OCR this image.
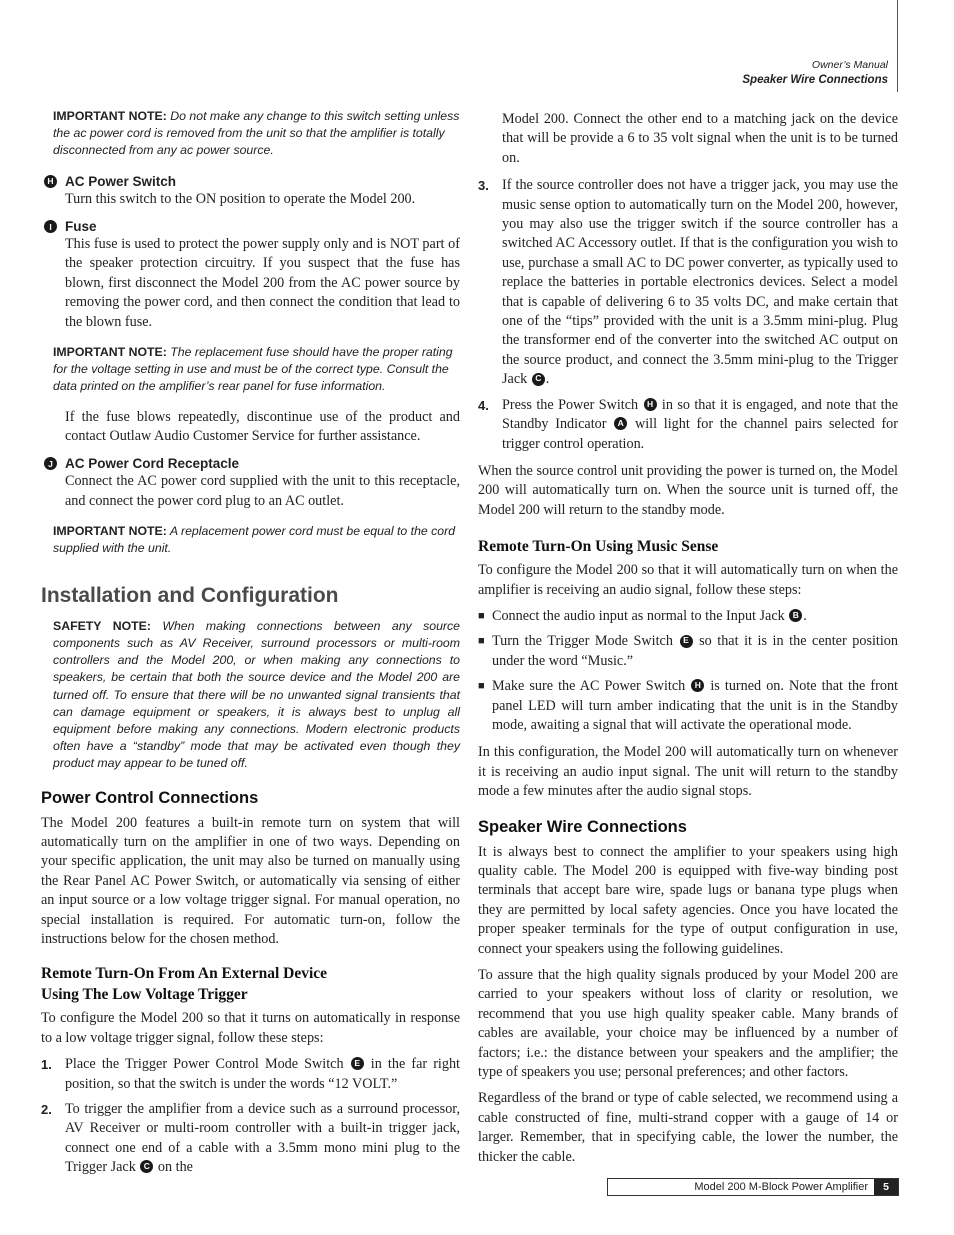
Owner’s Manual
Speaker Wire Connections
IMPORTANT NOTE: Do not make any change to this switch setting unless the ac power cord is removed from the unit so that the amplifier is totally disconnected from any ac power source.
H AC Power Switch

Turn this switch to the ON position to operate the Model 200.

I Fuse

This fuse is used to protect the power supply only and is NOT part of the speaker protection circuitry. If you suspect that the fuse has blown, first disconnect the Model 200 from the AC power source by removing the power cord, and then connect the condition that lead to the blown fuse.

IMPORTANT NOTE: The replacement fuse should have the proper rating for the voltage setting in use and must be of the correct type. Consult the data printed on the amplifier’s rear panel for fuse information.

If the fuse blows repeatedly, discontinue use of the product and contact Outlaw Audio Customer Service for further assistance.

J AC Power Cord Receptacle

Connect the AC power cord supplied with the unit to this receptacle, and connect the power cord plug to an AC outlet.

IMPORTANT NOTE: A replacement power cord must be equal to the cord supplied with the unit.
Installation and Configuration
SAFETY NOTE: When making connections between any source components such as AV Receiver, surround processors or multi-room controllers and the Model 200, or when making any connections to speakers, be certain that both the source device and the Model 200 are turned off. To ensure that there will be no unwanted signal transients that can damage equipment or speakers, it is always best to unplug all equipment before making any connections. Modern electronic products often have a “standby” mode that may be activated even though they product may appear to be tuned off.
Power Control Connections

The Model 200 features a built-in remote turn on system that will automatically turn on the amplifier in one of two ways. Depending on your specific application, the unit may also be turned on manually using the Rear Panel AC Power Switch, or automatically via sensing of either an input source or a low voltage trigger signal. For manual operation, no special installation is required. For automatic turn-on, follow the instructions below for the chosen method.

Remote Turn-On From An External Device
Using The Low Voltage Trigger

To configure the Model 200 so that it turns on automatically in response to a low voltage trigger signal, follow these steps:

1. Place the Trigger Power Control Mode Switch E in the far right position, so that the switch is under the words “12 VOLT.”

2. To trigger the amplifier from a device such as a surround processor, AV Receiver or multi-room controller with a built-in trigger jack, connect one end of a cable with a 3.5mm mono mini plug to the Trigger Jack C on the

Model 200. Connect the other end to a matching jack on the device that will be provide a 6 to 35 volt signal when the unit is to be turned on.

3. If the source controller does not have a trigger jack, you may use the music sense option to automatically turn on the Model 200, however, you may also use the trigger switch if the source controller has a switched AC Accessory outlet. If that is the configuration you wish to use, purchase a small AC to DC power converter, as typically used to replace the batteries in portable electronics devices. Select a model that is capable of delivering 6 to 35 volts DC, and make certain that one of the “tips” provided with the unit is a 3.5mm mini-plug. Plug the transformer end of the converter into the switched AC output on the source product, and connect the 3.5mm mini-plug to the Trigger Jack C .

4. Press the Power Switch H in so that it is engaged, and note that the Standby Indicator A will light for the channel pairs selected for trigger control operation.

When the source control unit providing the power is turned on, the Model 200 will automatically turn on. When the source unit is turned off, the Model 200 will return to the standby mode.

Remote Turn-On Using Music Sense

To configure the Model 200 so that it will automatically turn on when the amplifier is receiving an audio signal, follow these steps:

■ Connect the audio input as normal to the Input Jack B .

■ Turn the Trigger Mode Switch E so that it is in the center position under the word “Music.”

■ Make sure the AC Power Switch H is turned on. Note that the front panel LED will turn amber indicating that the unit is in the Standby mode, awaiting a signal that will activate the operational mode.

In this configuration, the Model 200 will automatically turn on whenever it is receiving an audio input signal. The unit will return to the standby mode a few minutes after the audio signal stops.

Speaker Wire Connections

It is always best to connect the amplifier to your speakers using high quality cable. The Model 200 is equipped with five-way binding post terminals that accept bare wire, spade lugs or banana type plugs when they are permitted by local safety agencies. Once you have located the proper speaker terminals for the type of output configuration in use, connect your speakers using the following guidelines.

To assure that the high quality signals produced by your Model 200 are carried to your speakers without loss of clarity or resolution, we recommend that you use high quality speaker cable. Many brands of cables are available, your choice may be influenced by a number of factors; i.e.: the distance between your speakers and the amplifier; the type of speakers you use; personal preferences; and other factors.

Regardless of the brand or type of cable selected, we recommend using a cable constructed of fine, multi-strand copper with a gauge of 14 or larger. Remember, that in specifying cable, the lower the number, the thicker the cable.

Model 200 M-Block Power Amplifier	5
